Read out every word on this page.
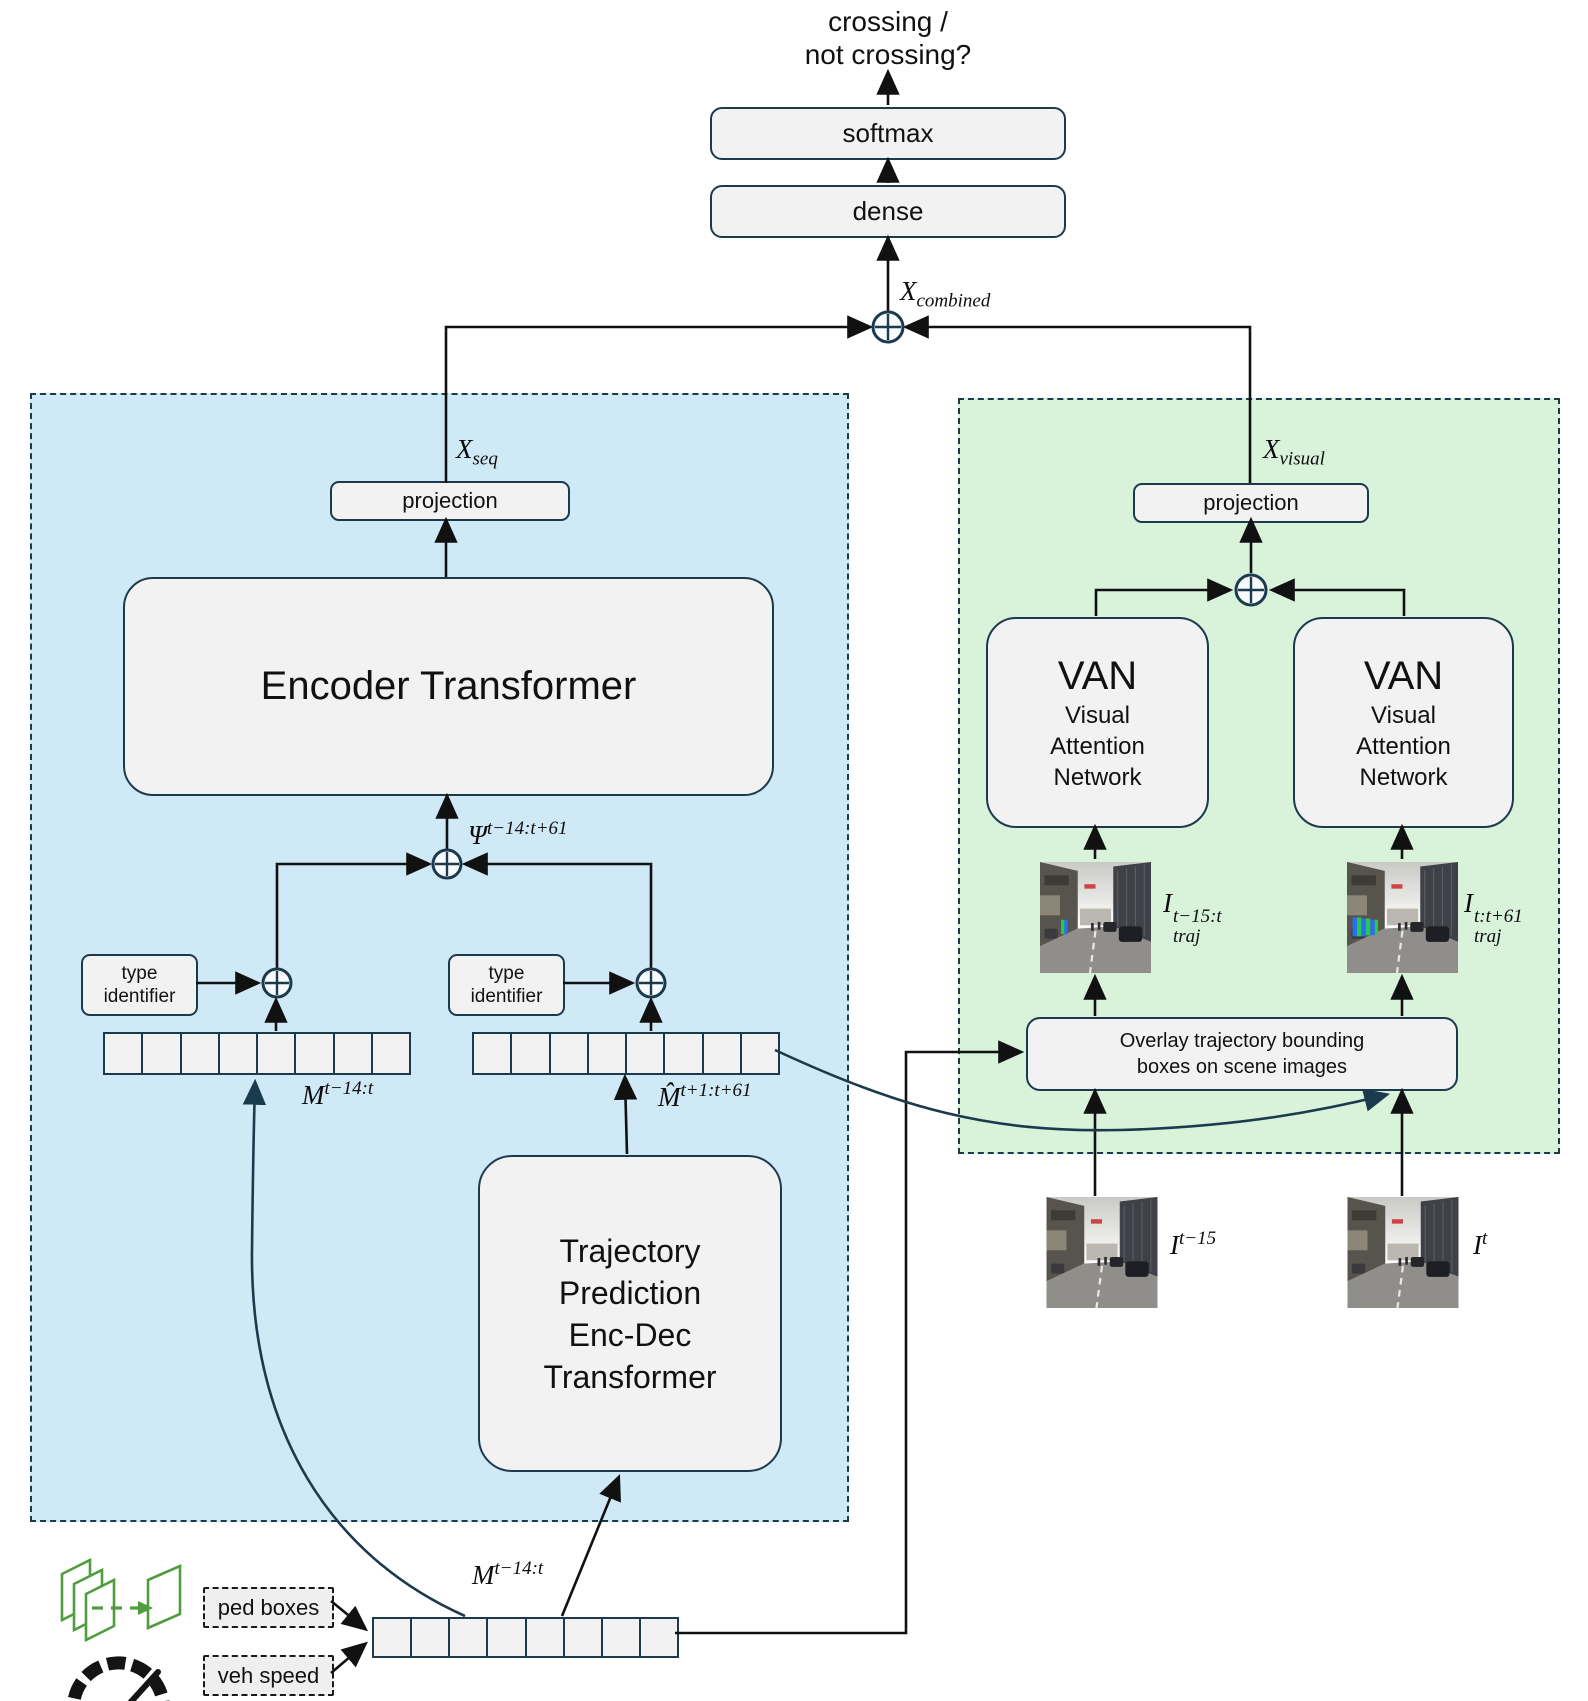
crossing /
not crossing?
softmax
dense
$X_{combined}$
$X_{seq}$
projection
Encoder Transformer
$\Psi^{t-14:t+61}$
type
identifier
type
identifier
$M^{t-14:t}$	M̂$^{t+1:t+61}$
Trajectory
Prediction
Enc-Dec
Transformer
$X_{visual}$
projection
VAN
Visual
Attention
Network
VAN
Visual
Attention
Network
I t−15:t
traj
I t:t+61
traj
Overlay trajectory bounding
boxes on scene images
$I^{t-15}$	$I^t$
$M^{t-14:t}$
ped boxes
veh speed
